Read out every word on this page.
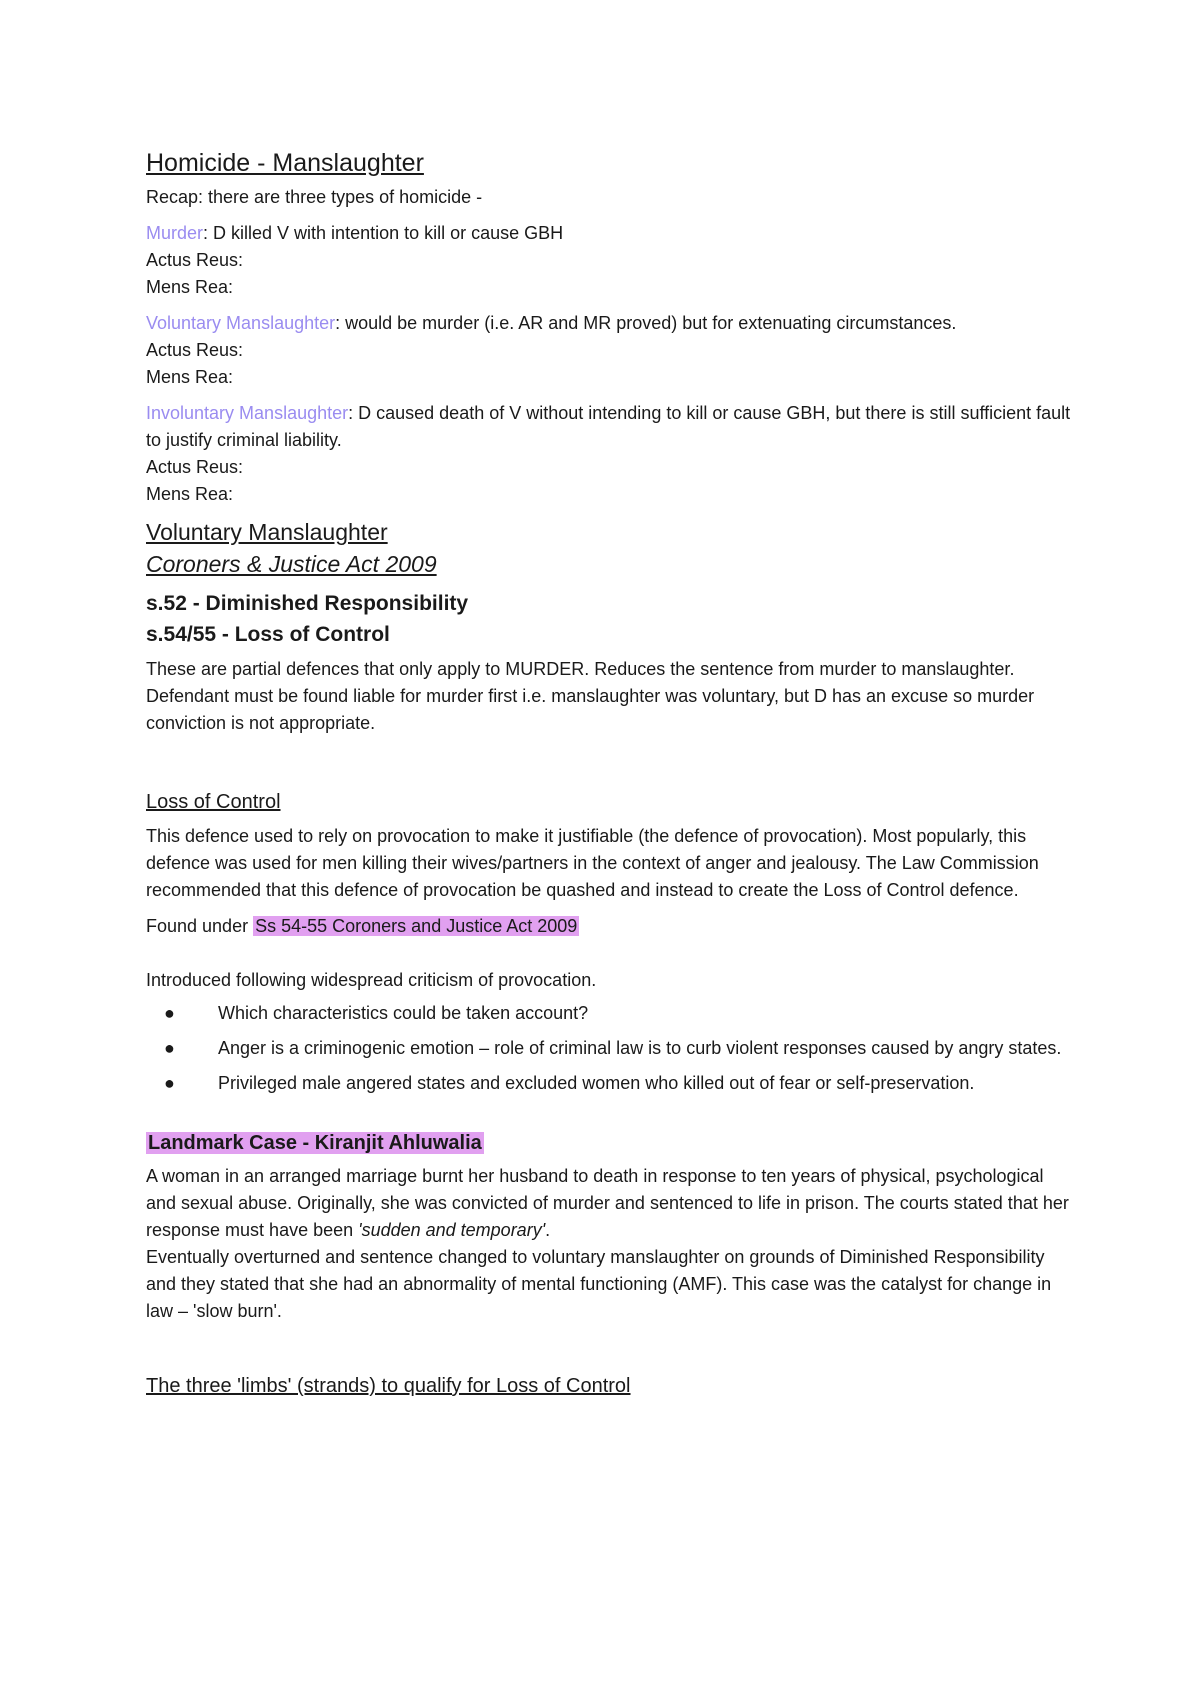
Homicide - Manslaughter

Recap: there are three types of homicide -

Murder: D killed V with intention to kill or cause GBH

Actus Reus:

Mens Rea:

Voluntary Manslaughter: would be murder (i.e. AR and MR proved) but for extenuating circumstances.

Actus Reus:

Mens Rea:

Involuntary Manslaughter: D caused death of V without intending to kill or cause GBH, but there is still sufficient fault to justify criminal liability.

Actus Reus:

Mens Rea:

Voluntary Manslaughter

Coroners & Justice Act 2009

s.52 - Diminished Responsibility

s.54/55 - Loss of Control

These are partial defences that only apply to MURDER. Reduces the sentence from murder to manslaughter. Defendant must be found liable for murder first i.e. manslaughter was voluntary, but D has an excuse so murder conviction is not appropriate.

Loss of Control

This defence used to rely on provocation to make it justifiable (the defence of provocation). Most popularly, this defence was used for men killing their wives/partners in the context of anger and jealousy. The Law Commission recommended that this defence of provocation be quashed and instead to create the Loss of Control defence.

Found under Ss 54-55 Coroners and Justice Act 2009

Introduced following widespread criticism of provocation.

●	Which characteristics could be taken account?
●	Anger is a criminogenic emotion – role of criminal law is to curb violent responses caused by angry states.
●	Privileged male angered states and excluded women who killed out of fear or self-preservation.

Landmark Case - Kiranjit Ahluwalia

A woman in an arranged marriage burnt her husband to death in response to ten years of physical, psychological and sexual abuse. Originally, she was convicted of murder and sentenced to life in prison. The courts stated that her response must have been 'sudden and temporary'.

Eventually overturned and sentence changed to voluntary manslaughter on grounds of Diminished Responsibility and they stated that she had an abnormality of mental functioning (AMF). This case was the catalyst for change in law – 'slow burn'.

The three 'limbs' (strands) to qualify for Loss of Control
